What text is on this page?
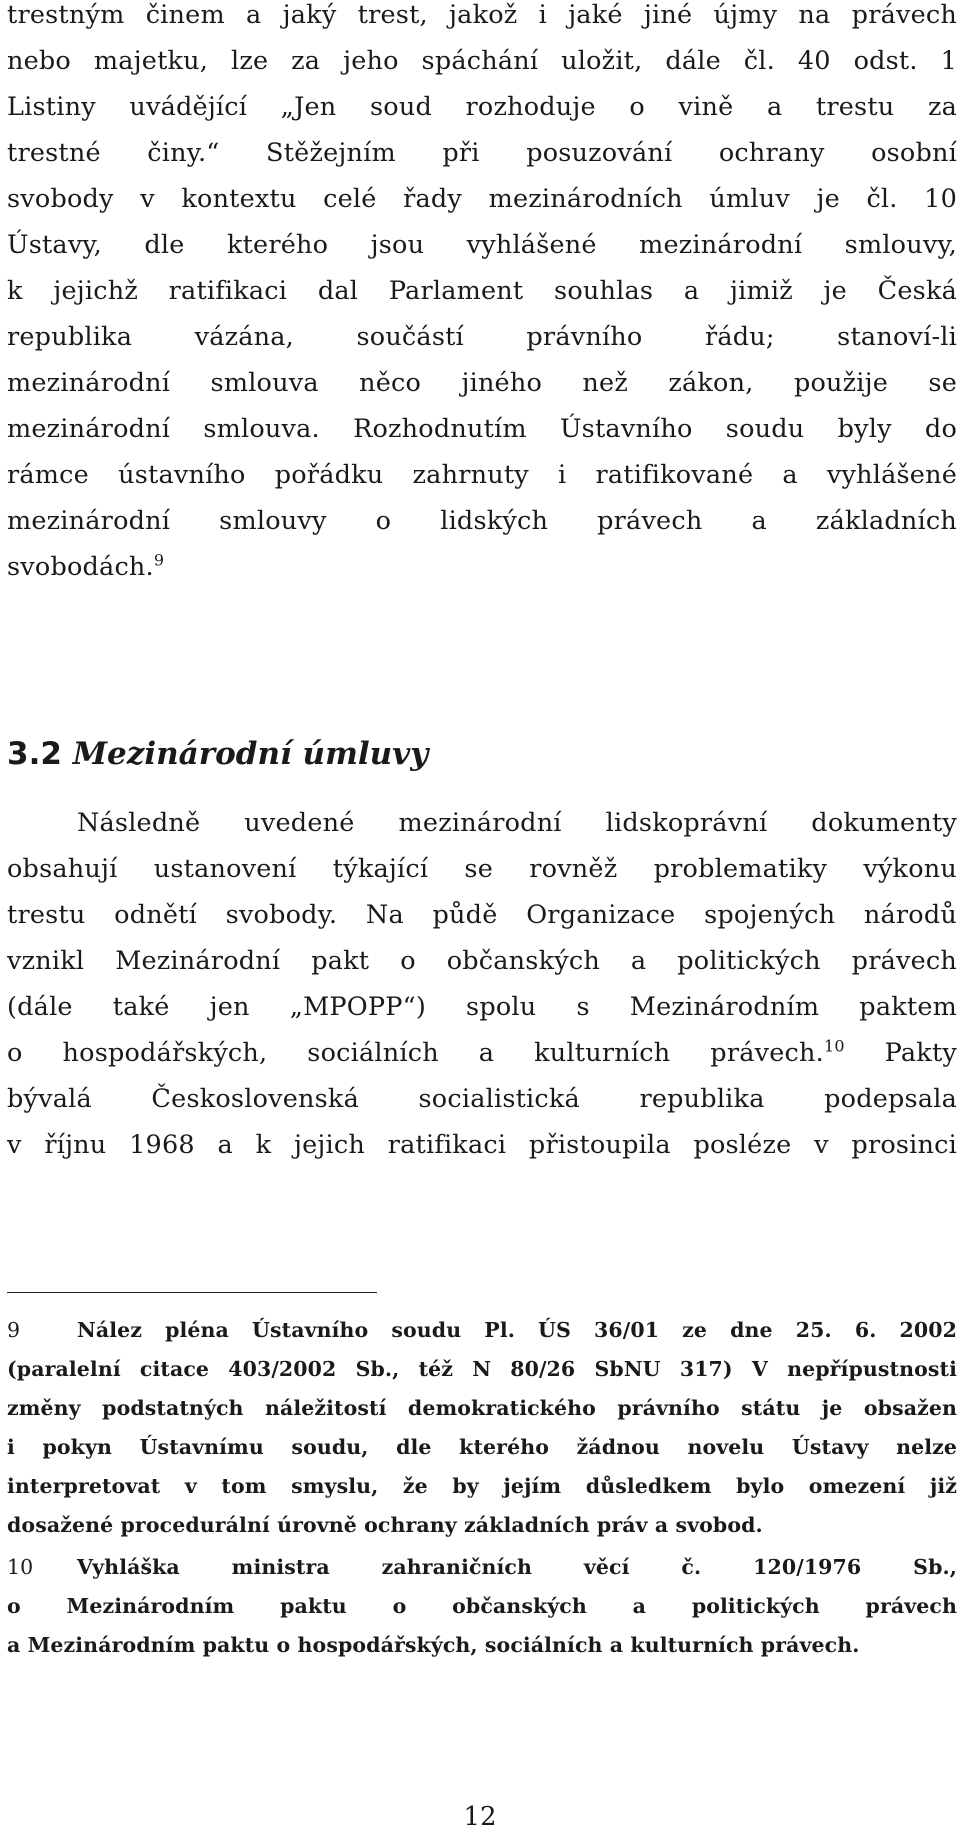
trestným činem a jaký trest, jakož i jaké jiné újmy na právech
nebo majetku, lze za jeho spáchání uložit, dále čl. 40 odst. 1
Listiny uvádějící „Jen soud rozhoduje o vině a trestu za
trestné činy.“ Stěžejním při posuzování ochrany osobní
svobody v kontextu celé řady mezinárodních úmluv je čl. 10
Ústavy, dle kterého jsou vyhlášené mezinárodní smlouvy,
k jejichž ratifikaci dal Parlament souhlas a jimiž je Česká
republika vázána, součástí právního řádu; stanoví-li
mezinárodní smlouva něco jiného než zákon, použije se
mezinárodní smlouva. Rozhodnutím Ústavního soudu byly do
rámce ústavního pořádku zahrnuty i ratifikované a vyhlášené
mezinárodní smlouvy o lidských právech a základních
svobodách.$^9$
3.2 Mezinárodní úmluvy
Následně uvedené mezinárodní lidskoprávní dokumenty
obsahují ustanovení týkající se rovněž problematiky výkonu
trestu odnětí svobody. Na půdě Organizace spojených národů
vznikl Mezinárodní pakt o občanských a politických právech
(dále také jen „MPOPP“) spolu s Mezinárodním paktem
o hospodářských, sociálních a kulturních právech.$^{10}$ Pakty
bývalá Československá socialistická republika podepsala
v říjnu 1968 a k jejich ratifikaci přistoupila posléze v prosinci
9	Nález pléna Ústavního soudu Pl. ÚS 36/01 ze dne 25. 6. 2002
(paralelní citace 403/2002 Sb., též N 80/26 SbNU 317) V nepřípustnosti
změny podstatných náležitostí demokratického právního státu je obsažen
i pokyn Ústavnímu soudu, dle kterého žádnou novelu Ústavy nelze
interpretovat v tom smyslu, že by jejím důsledkem bylo omezení již
dosažené procedurální úrovně ochrany základních práv a svobod.
10	Vyhláška ministra zahraničních věcí č. 120/1976 Sb.,
o Mezinárodním paktu o občanských a politických právech
a Mezinárodním paktu o hospodářských, sociálních a kulturních právech.
12
